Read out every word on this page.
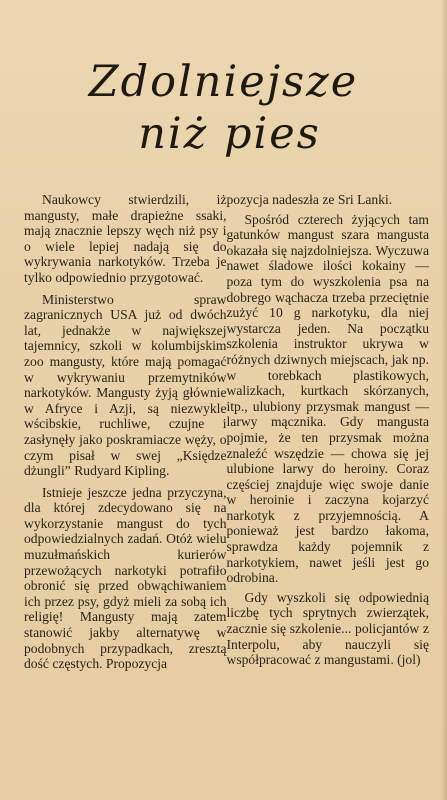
Zdolniejsze
niż pies

Naukowcy stwierdzili, iż mangusty, małe drapieżne ssaki, mają znacznie lepszy węch niż psy i o wiele lepiej nadają się do wykrywania narkotyków. Trzeba je tylko odpowiednio przygotować.

Ministerstwo spraw zagranicznych USA już od dwóch lat, jednakże w największej tajemnicy, szkoli w kolumbijskim zoo mangusty, które mają pomagać w wykrywaniu przemytników narkotyków. Mangusty żyją głównie w Afryce i Azji, są niezwykle wścibskie, ruchliwe, czujne i zasłynęły jako poskramiacze węży, o czym pisał w swej „Księdze dżungli” Rudyard Kipling.

Istnieje jeszcze jedna przyczyna, dla której zdecydowano się na wykorzystanie mangust do tych odpowiedzialnych zadań. Otóż wielu muzułmańskich kurierów przewożących narkotyki potrafiło obronić się przed obwąchiwaniem ich przez psy, gdyż mieli za sobą ich religię! Mangusty mają zatem stanowić jakby alternatywę w podobnych przypadkach, zresztą dość częstych. Propozycja

pozycja nadeszła ze Sri Lanki.

Spośród czterech żyjących tam gatunków mangust szara mangusta okazała się najzdolniejsza. Wyczuwa nawet śladowe ilości kokainy — poza tym do wyszkolenia psa na dobrego wąchacza trzeba przeciętnie zużyć 10 g narkotyku, dla niej wystarcza jeden. Na początku szkolenia instruktor ukrywa w różnych dziwnych miejscach, jak np. w torebkach plastikowych, walizkach, kurtkach skórzanych, itp., ulubiony przysmak mangust — larwy mącznika. Gdy mangusta pojmie, że ten przysmak można znaleźć wszędzie — chowa się jej ulubione larwy do heroiny. Coraz częściej znajduje więc swoje danie w heroinie i zaczyna kojarzyć narkotyk z przyjemnością. A ponieważ jest bardzo łakoma, sprawdza każdy pojemnik z narkotykiem, nawet jeśli jest go odrobina.

Gdy wyszkoli się odpowiednią liczbę tych sprytnych zwierzątek, zacznie się szkolenie... policjantów z Interpolu, aby nauczyli się współpracować z mangustami. (jol)
